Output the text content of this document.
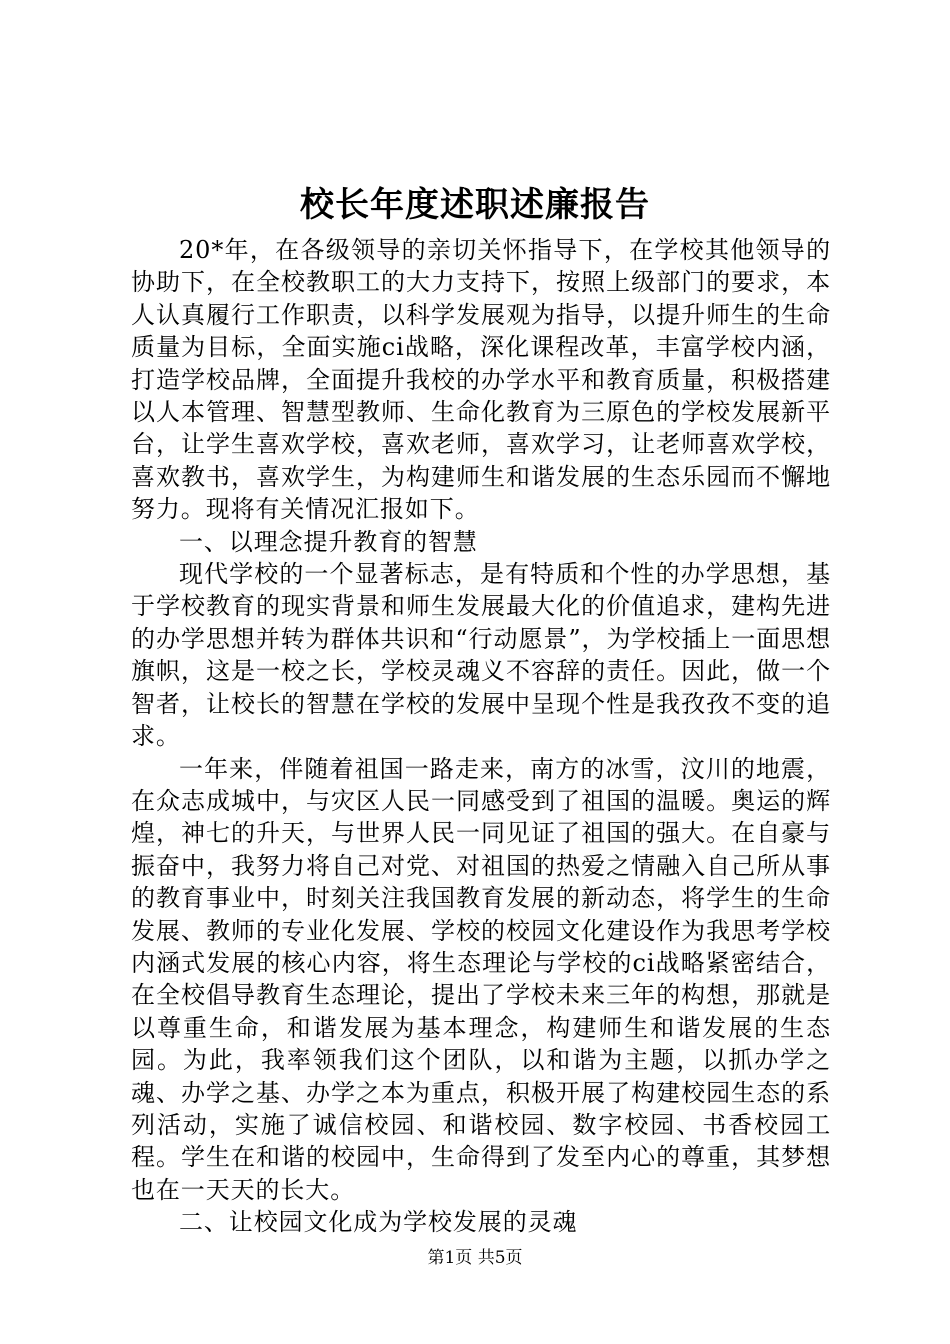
校长年度述职述廉报告

20*年，在各级领导的亲切关怀指导下，在学校其他领导的协助下，在全校教职工的大力支持下，按照上级部门的要求，本人认真履行工作职责，以科学发展观为指导，以提升师生的生命质量为目标，全面实施ci战略，深化课程改革，丰富学校内涵，打造学校品牌，全面提升我校的办学水平和教育质量，积极搭建以人本管理、智慧型教师、生命化教育为三原色的学校发展新平台，让学生喜欢学校，喜欢老师，喜欢学习，让老师喜欢学校，喜欢教书，喜欢学生，为构建师生和谐发展的生态乐园而不懈地努力。现将有关情况汇报如下。

一、以理念提升教育的智慧

现代学校的一个显著标志，是有特质和个性的办学思想，基于学校教育的现实背景和师生发展最大化的价值追求，建构先进的办学思想并转为群体共识和“行动愿景”，为学校插上一面思想旗帜，这是一校之长，学校灵魂义不容辞的责任。因此，做一个智者，让校长的智慧在学校的发展中呈现个性是我孜孜不变的追求。

一年来，伴随着祖国一路走来，南方的冰雪，汶川的地震，在众志成城中，与灾区人民一同感受到了祖国的温暖。奥运的辉煌，神七的升天，与世界人民一同见证了祖国的强大。在自豪与振奋中，我努力将自己对党、对祖国的热爱之情融入自己所从事的教育事业中，时刻关注我国教育发展的新动态，将学生的生命发展、教师的专业化发展、学校的校园文化建设作为我思考学校内涵式发展的核心内容，将生态理论与学校的ci战略紧密结合，在全校倡导教育生态理论，提出了学校未来三年的构想，那就是以尊重生命，和谐发展为基本理念，构建师生和谐发展的生态园。为此，我率领我们这个团队，以和谐为主题，以抓办学之魂、办学之基、办学之本为重点，积极开展了构建校园生态的系列活动，实施了诚信校园、和谐校园、数字校园、书香校园工程。学生在和谐的校园中，生命得到了发至内心的尊重，其梦想也在一天天的长大。

二、让校园文化成为学校发展的灵魂

第1页 共5页
